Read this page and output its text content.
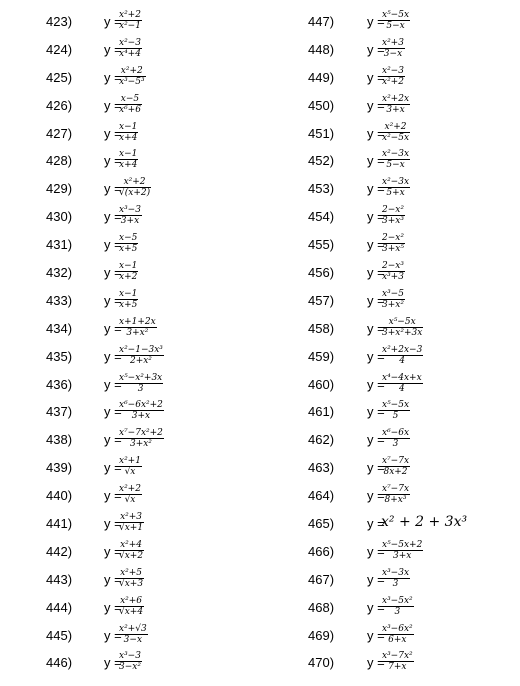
423) y =
x²+2
x²−1
424) y =
x²−3
x⁴+4
425) y = x²+2
x³−5³
426) y = x−5
x⁶+6
427) y =
x−1
x+4
428) y =
x−1
x+4
429) y = x²+2
√(x+2)
430) y =
x³−3
3+x
431) y =
x−5
x+5
432) y =
x−1
x+2
433) y =
x−1
x+5
434) y =
x+1+2x
3+x²
435) y =
x²−1−3x³
2+x²
436) y =
x⁵−x²+3x
3
437) y =
x⁶−6x²+2
3+x
438) y =
x⁷−7x²+2
3+x²
439) y =
x²+1
√x
440) y =
x²+2
√x
441) y =
x²+3
√x+1
442) y =
x²+4
√x+2
443) y =
x²+5
√x+3
444) y =
x²+6
√x+4
445) y =
x²+√3
3−x
446) y =
x³−3
3−x²
447)	y =
x⁵−5x
5−x
448)	y =
x²+3
3−x
449)	y =
x²−3
x²+2
450)	y =
x²+2x
3+x
451)	y = x²+2
x²−5x
452)	y =
x²−3x
5−x
453)	y =
x²−3x
5+x
454)	y =
2−x²
3+x³
455)	y =
2−x²
3+x⁵
456)	y =
2−x³
x³+3
457)	y =
x³−5
3+x²
458)	y = x⁵−5x
3+x²+3x
459)	y =
x²+2x−3
4
460)	y =
x⁴−4x+x
4
461)	y =
x⁵−5x
5
462)	y =
x⁶−6x
3
463)	y =
x⁷−7x
8x+2
464)	y =
x⁷−7x
8+x³
465)	y =
x² + 2 + 3x³
466)	y =
x⁵−5x+2
3+x
467)	y =
x³−3x
3
468)	y =
x³−5x²
3
469)	y =
x³−6x²
6+x
470)	y =
x³−7x²
7+x
